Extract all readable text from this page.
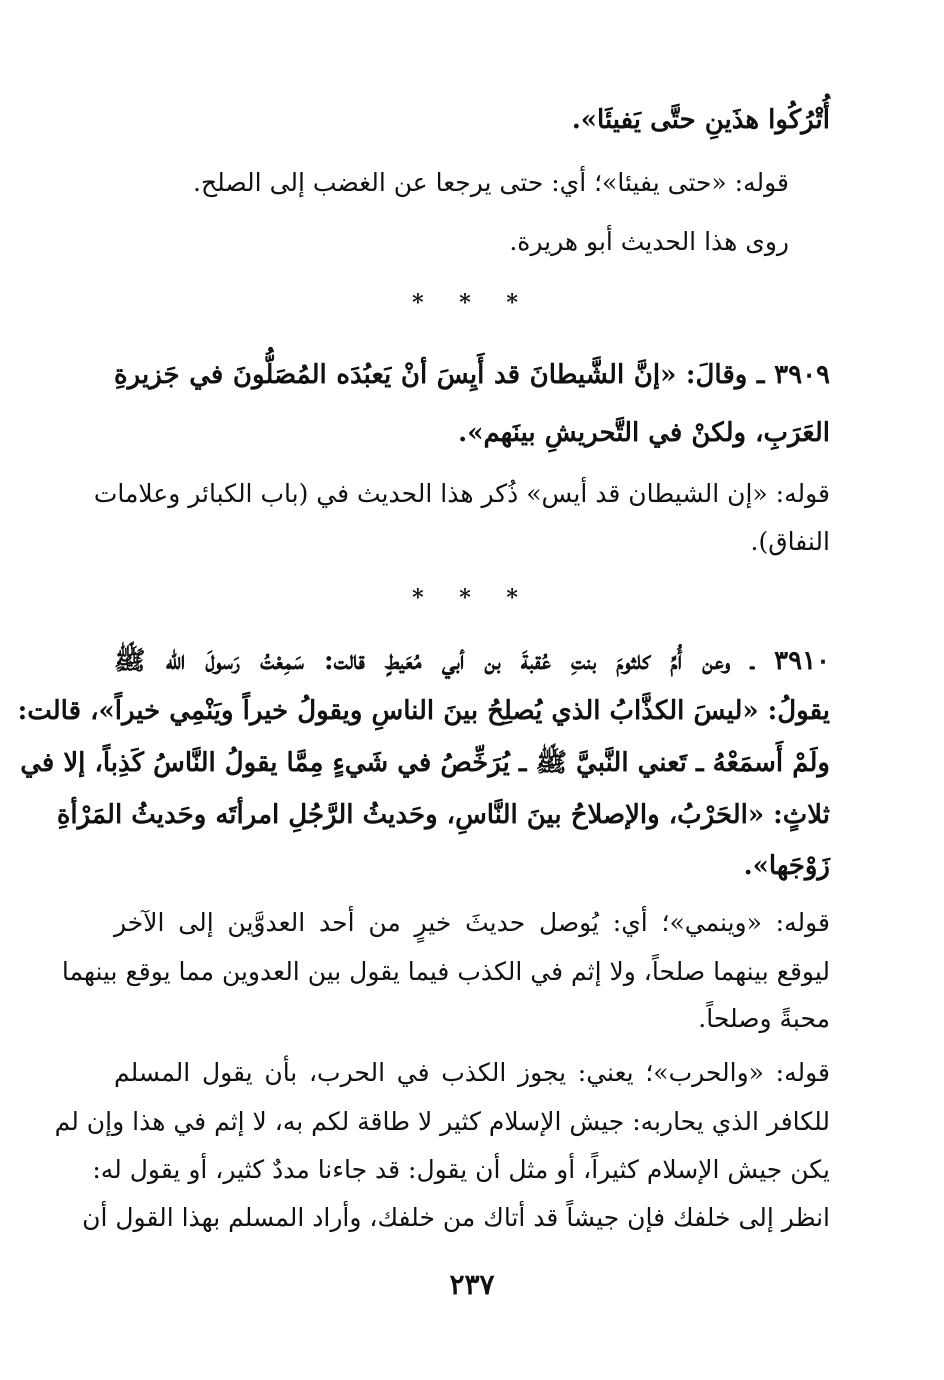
أُتْرُكُوا هذَينِ حتَّى يَفيئَا».
قوله: «حتى يفيئا»؛ أي: حتى يرجعا عن الغضب إلى الصلح.
روى هذا الحديث أبو هريرة.
* * *
٣٩٠٩ ـ وقالَ: «إنَّ الشَّيطانَ قد أَيِسَ أنْ يَعبُدَه المُصَلُّونَ في جَزيرةِ
العَرَبِ، ولكنْ في التَّحريشِ بينَهم».
قوله: «إن الشيطان قد أيس» ذُكر هذا الحديث في (باب الكبائر وعلامات
النفاق).
* * *
٣٩١٠ ـ وعن أُمِّ كلثومَ بنتِ عُقبةَ بن أبي مُعَيطٍ قالت: سَمِعْتُ رَسولَ الله ﷺ
يقولُ: «ليسَ الكذَّابُ الذي يُصلِحُ بينَ الناسِ ويقولُ خيراً ويَنْمِي خيراً»، قالت:
ولَمْ أَسمَعْهُ ـ تَعني النَّبيَّ ﷺ ـ يُرَخِّصُ في شَيءٍ مِمَّا يقولُ النَّاسُ كَذِباً، إلا في
ثلاثٍ: «الحَرْبُ، والإصلاحُ بينَ النَّاسِ، وحَديثُ الرَّجُلِ امرأتَه وحَديثُ المَرْأةِ
زَوْجَها».
قوله: «وينمي»؛ أي: يُوصل حديثَ خيرٍ من أحد العدوَّين إلى الآخر
ليوقع بينهما صلحاً، ولا إثم في الكذب فيما يقول بين العدوين مما يوقع بينهما
محبةً وصلحاً.
قوله: «والحرب»؛ يعني: يجوز الكذب في الحرب، بأن يقول المسلم
للكافر الذي يحاربه: جيش الإسلام كثير لا طاقة لكم به، لا إثم في هذا وإن لم
يكن جيش الإسلام كثيراً، أو مثل أن يقول: قد جاءنا مددٌ كثير، أو يقول له:
انظر إلى خلفك فإن جيشاً قد أتاك من خلفك، وأراد المسلم بهذا القول أن
٢٣٧
